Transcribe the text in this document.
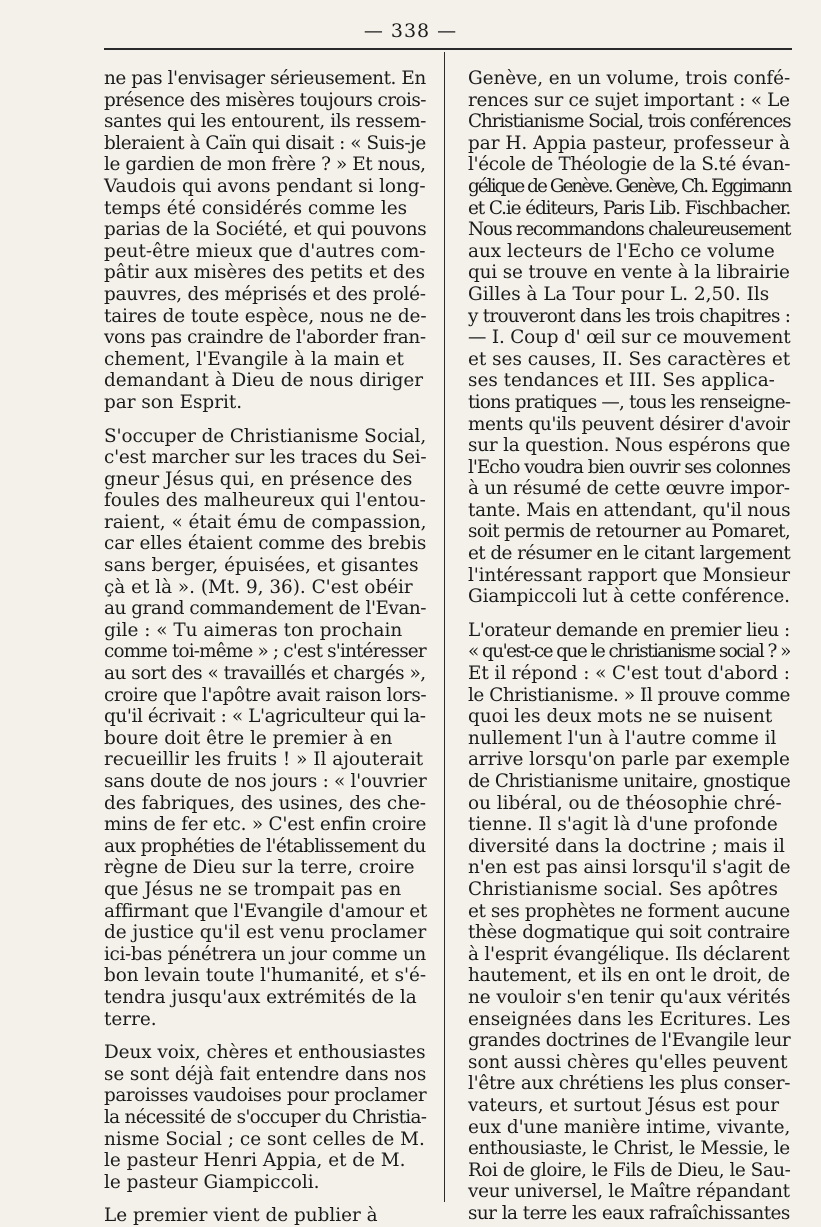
— 338 —
ne pas l'envisager sérieusement. En
présence des misères toujours crois-
santes qui les entourent, ils ressem-
bleraient à Caïn qui disait : « Suis-je
le gardien de mon frère ? » Et nous,
Vaudois qui avons pendant si long-
temps été considérés comme les
parias de la Société, et qui pouvons
peut-être mieux que d'autres com-
pâtir aux misères des petits et des
pauvres, des méprisés et des prolé-
taires de toute espèce, nous ne de-
vons pas craindre de l'aborder fran-
chement, l'Evangile à la main et
demandant à Dieu de nous diriger
par son Esprit.
S'occuper de Christianisme Social,
c'est marcher sur les traces du Sei-
gneur Jésus qui, en présence des
foules des malheureux qui l'entou-
raient, « était ému de compassion,
car elles étaient comme des brebis
sans berger, épuisées, et gisantes
çà et là ». (Mt. 9, 36). C'est obéir
au grand commandement de l'Evan-
gile : « Tu aimeras ton prochain
comme toi-même » ; c'est s'intéresser
au sort des « travaillés et chargés »,
croire que l'apôtre avait raison lors-
qu'il écrivait : « L'agriculteur qui la-
boure doit être le premier à en
recueillir les fruits ! » Il ajouterait
sans doute de nos jours : « l'ouvrier
des fabriques, des usines, des che-
mins de fer etc. » C'est enfin croire
aux prophéties de l'établissement du
règne de Dieu sur la terre, croire
que Jésus ne se trompait pas en
affirmant que l'Evangile d'amour et
de justice qu'il est venu proclamer
ici-bas pénétrera un jour comme un
bon levain toute l'humanité, et s'é-
tendra jusqu'aux extrémités de la
terre.
Deux voix, chères et enthousiastes
se sont déjà fait entendre dans nos
paroisses vaudoises pour proclamer
la nécessité de s'occuper du Christia-
nisme Social ; ce sont celles de M.
le pasteur Henri Appia, et de M.
le pasteur Giampiccoli.
Le premier vient de publier à
Genève, en un volume, trois confé-
rences sur ce sujet important : « Le
Christianisme Social, trois conférences
par H. Appia pasteur, professeur à
l'école de Théologie de la S.té évan-
gélique de Genève. Genève, Ch. Eggimann
et C.ie éditeurs, Paris Lib. Fischbacher.
Nous recommandons chaleureusement
aux lecteurs de l'Echo ce volume
qui se trouve en vente à la librairie
Gilles à La Tour pour L. 2,50. Ils
y trouveront dans les trois chapitres :
— I. Coup d' œil sur ce mouvement
et ses causes, II. Ses caractères et
ses tendances et III. Ses applica-
tions pratiques —, tous les renseigne-
ments qu'ils peuvent désirer d'avoir
sur la question. Nous espérons que
l'Echo voudra bien ouvrir ses colonnes
à un résumé de cette œuvre impor-
tante. Mais en attendant, qu'il nous
soit permis de retourner au Pomaret,
et de résumer en le citant largement
l'intéressant rapport que Monsieur
Giampiccoli lut à cette conférence.
L'orateur demande en premier lieu :
« qu'est-ce que le christianisme social ? »
Et il répond : « C'est tout d'abord :
le Christianisme. » Il prouve comme
quoi les deux mots ne se nuisent
nullement l'un à l'autre comme il
arrive lorsqu'on parle par exemple
de Christianisme unitaire, gnostique
ou libéral, ou de théosophie chré-
tienne. Il s'agit là d'une profonde
diversité dans la doctrine ; mais il
n'en est pas ainsi lorsqu'il s'agit de
Christianisme social. Ses apôtres
et ses prophètes ne forment aucune
thèse dogmatique qui soit contraire
à l'esprit évangélique. Ils déclarent
hautement, et ils en ont le droit, de
ne vouloir s'en tenir qu'aux vérités
enseignées dans les Ecritures. Les
grandes doctrines de l'Evangile leur
sont aussi chères qu'elles peuvent
l'être aux chrétiens les plus conser-
vateurs, et surtout Jésus est pour
eux d'une manière intime, vivante,
enthousiaste, le Christ, le Messie, le
Roi de gloire, le Fils de Dieu, le Sau-
veur universel, le Maître répandant
sur la terre les eaux rafraîchissantes
